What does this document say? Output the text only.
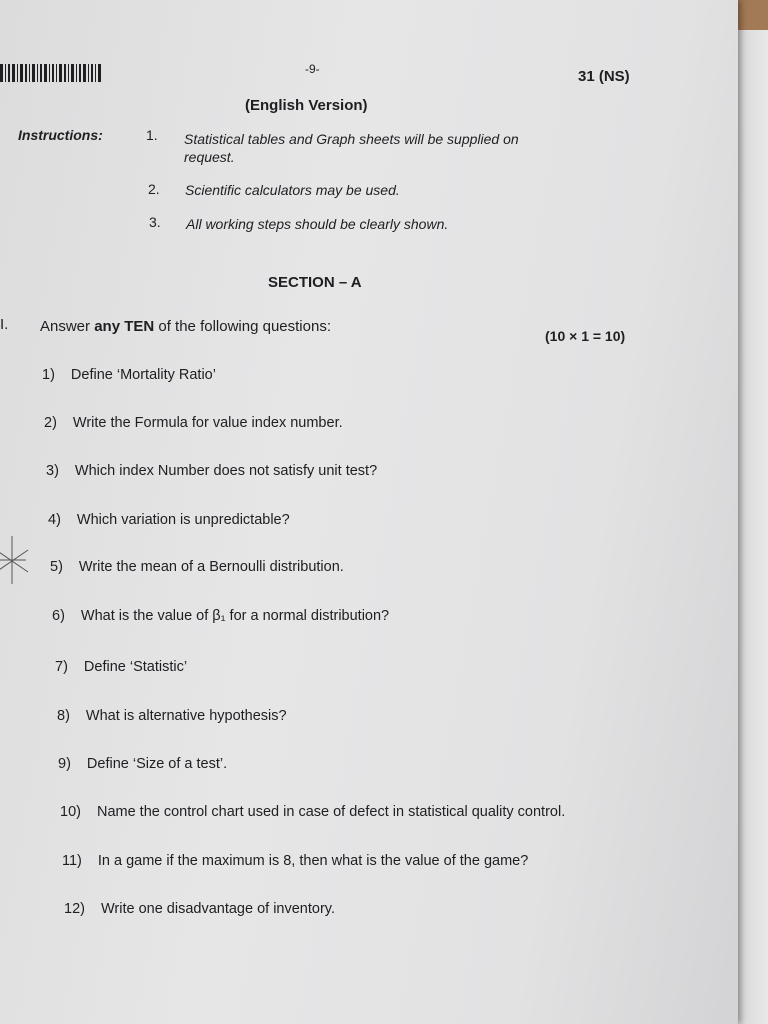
-9-	31 (NS)
(English Version)
Instructions:	1. Statistical tables and Graph sheets will be supplied on
request.
2. Scientific calculators may be used.
3. All working steps should be clearly shown.
SECTION – A
I. Answer any TEN of the following questions:
(10 × 1 = 10)
1) Define ‘Mortality Ratio’
2) Write the Formula for value index number.
3) Which index Number does not satisfy unit test?
4) Which variation is unpredictable?
5) Write the mean of a Bernoulli distribution.
6) What is the value of β₁ for a normal distribution?
7) Define ‘Statistic’
8) What is alternative hypothesis?
9) Define ‘Size of a test’.
10) Name the control chart used in case of defect in statistical quality control.
11) In a game if the maximum is 8, then what is the value of the game?
12) Write one disadvantage of inventory.
